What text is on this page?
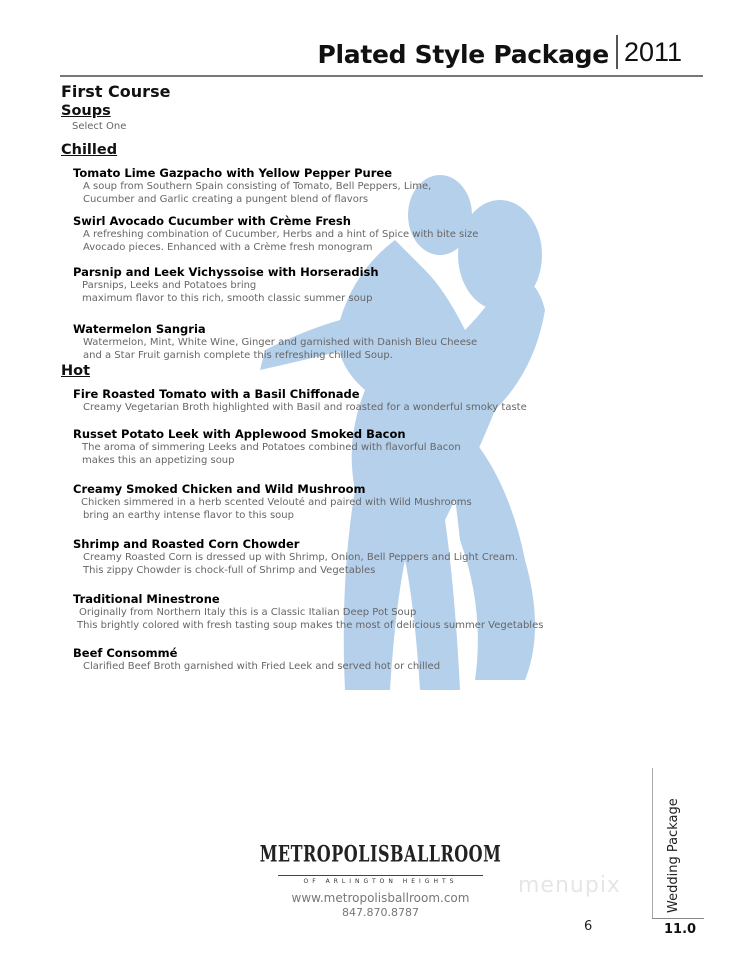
Plated Style Package 2011
First Course
Soups
Select One
Chilled
Tomato Lime Gazpacho with Yellow Pepper Puree
A soup from Southern Spain consisting of Tomato, Bell Peppers, Lime,
Cucumber and Garlic creating a pungent blend of flavors
Swirl Avocado Cucumber with Crème Fresh
A refreshing combination of Cucumber, Herbs and a hint of Spice with bite size
Avocado pieces. Enhanced with a Crème fresh monogram
Parsnip and Leek Vichyssoise with Horseradish
Parsnips, Leeks and Potatoes bring
maximum flavor to this rich, smooth classic summer soup
Watermelon Sangria
Watermelon, Mint, White Wine, Ginger and garnished with Danish Bleu Cheese
and a Star Fruit garnish complete this refreshing chilled Soup.
Hot
Fire Roasted Tomato with a Basil Chiffonade
Creamy Vegetarian Broth highlighted with Basil and roasted for a wonderful smoky taste
Russet Potato Leek with Applewood Smoked Bacon
The aroma of simmering Leeks and Potatoes combined with flavorful Bacon
makes this an appetizing soup
Creamy Smoked Chicken and Wild Mushroom
Chicken simmered in a herb scented Velouté and paired with Wild Mushrooms
bring an earthy intense flavor to this soup
Shrimp and Roasted Corn Chowder
Creamy Roasted Corn is dressed up with Shrimp, Onion, Bell Peppers and Light Cream.
This zippy Chowder is chock-full of Shrimp and Vegetables
Traditional Minestrone
Originally from Northern Italy this is a Classic Italian Deep Pot Soup
This brightly colored with fresh tasting soup makes the most of delicious summer Vegetables
Beef Consommé
Clarified Beef Broth garnished with Fried Leek and served hot or chilled
METROPOLIS BALLROOM
OF ARLINGTON HEIGHTS
www.metropolisballroom.com
847.870.8787
menupix
6
Wedding Package
11.0
